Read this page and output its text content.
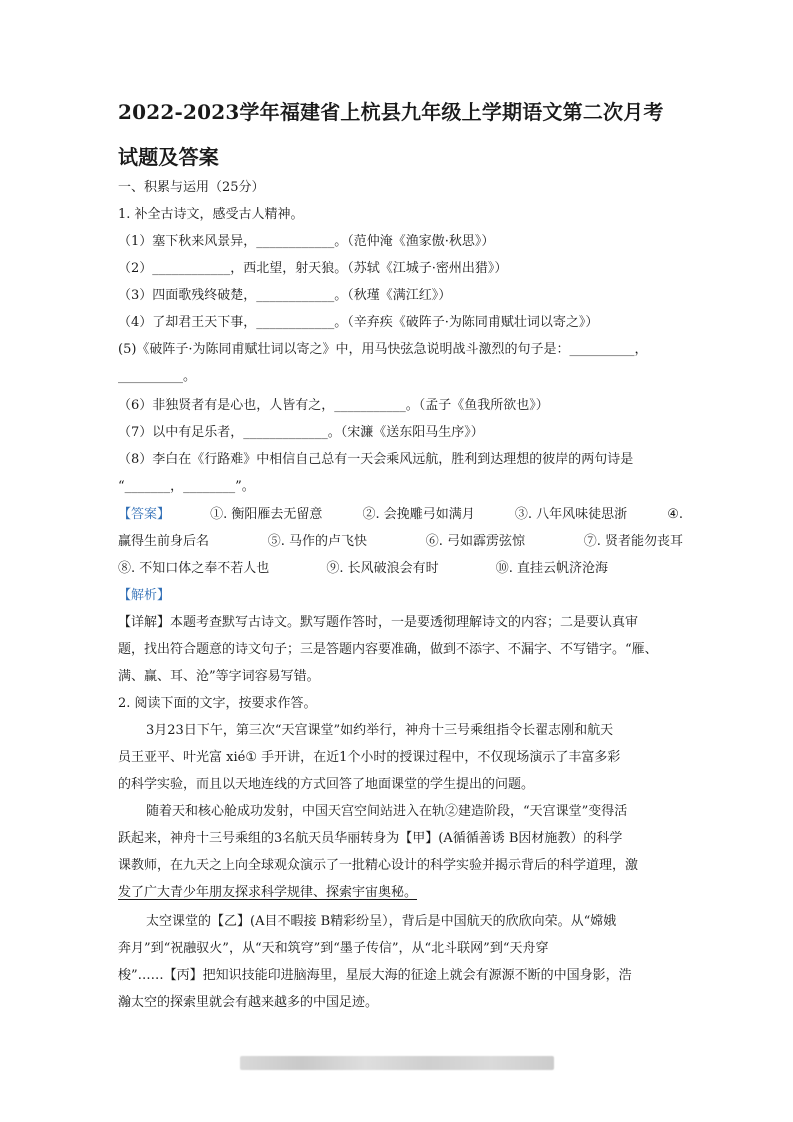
2022-2023学年福建省上杭县九年级上学期语文第二次月考
试题及答案
一、积累与运用（25分）
1. 补全古诗文，感受古人精神。
（1）塞下秋来风景异，____________。（范仲淹《渔家傲·秋思》）
（2）____________，西北望，射天狼。（苏轼《江城子·密州出猎》）
（3）四面歌残终破楚，____________。（秋瑾《满江红》）
（4）了却君王天下事，____________。（辛弃疾《破阵子·为陈同甫赋壮词以寄之》）
(5)《破阵子·为陈同甫赋壮词以寄之》中，用马快弦急说明战斗激烈的句子是：__________，
__________。
（6）非独贤者有是心也，人皆有之，___________。（孟子《鱼我所欲也》）
（7）以中有足乐者，_____________。（宋濂《送东阳马生序》）
（8）李白在《行路难》中相信自己总有一天会乘风远航，胜利到达理想的彼岸的两句诗是
“_______，________”。
【答案】	①. 衡阳雁去无留意	②. 会挽雕弓如满月	③. 八年风味徒思浙	④.
赢得生前身后名	⑤. 马作的卢飞快	⑥. 弓如霹雳弦惊	⑦. 贤者能勿丧耳
⑧. 不知口体之奉不若人也	⑨. 长风破浪会有时	⑩. 直挂云帆济沧海
【解析】
【详解】本题考查默写古诗文。默写题作答时，一是要透彻理解诗文的内容；二是要认真审
题，找出符合题意的诗文句子；三是答题内容要准确，做到不添字、不漏字、不写错字。“雁、
满、赢、耳、沧”等字词容易写错。
2. 阅读下面的文字，按要求作答。
3月23日下午，第三次“天宫课堂”如约举行，神舟十三号乘组指令长翟志刚和航天
员王亚平、叶光富 xié① 手开讲，在近1个小时的授课过程中，不仅现场演示了丰富多彩
的科学实验，而且以天地连线的方式回答了地面课堂的学生提出的问题。
随着天和核心舱成功发射，中国天宫空间站进入在轨②建造阶段，“天宫课堂”变得活
跃起来，神舟十三号乘组的3名航天员华丽转身为【甲】(A循循善诱 B因材施教）的科学
课教师，在九天之上向全球观众演示了一批精心设计的科学实验并揭示背后的科学道理，激
发了广大青少年朋友探求科学规律、探索宇宙奥秘。
太空课堂的【乙】(A目不暇接 B精彩纷呈），背后是中国航天的欣欣向荣。从“嫦娥
奔月”到“祝融驭火”，从“天和筑穹”到“墨子传信”，从“北斗联网”到“天舟穿
梭”……【丙】把知识技能印进脑海里，星辰大海的征途上就会有源源不断的中国身影，浩
瀚太空的探索里就会有越来越多的中国足迹。
